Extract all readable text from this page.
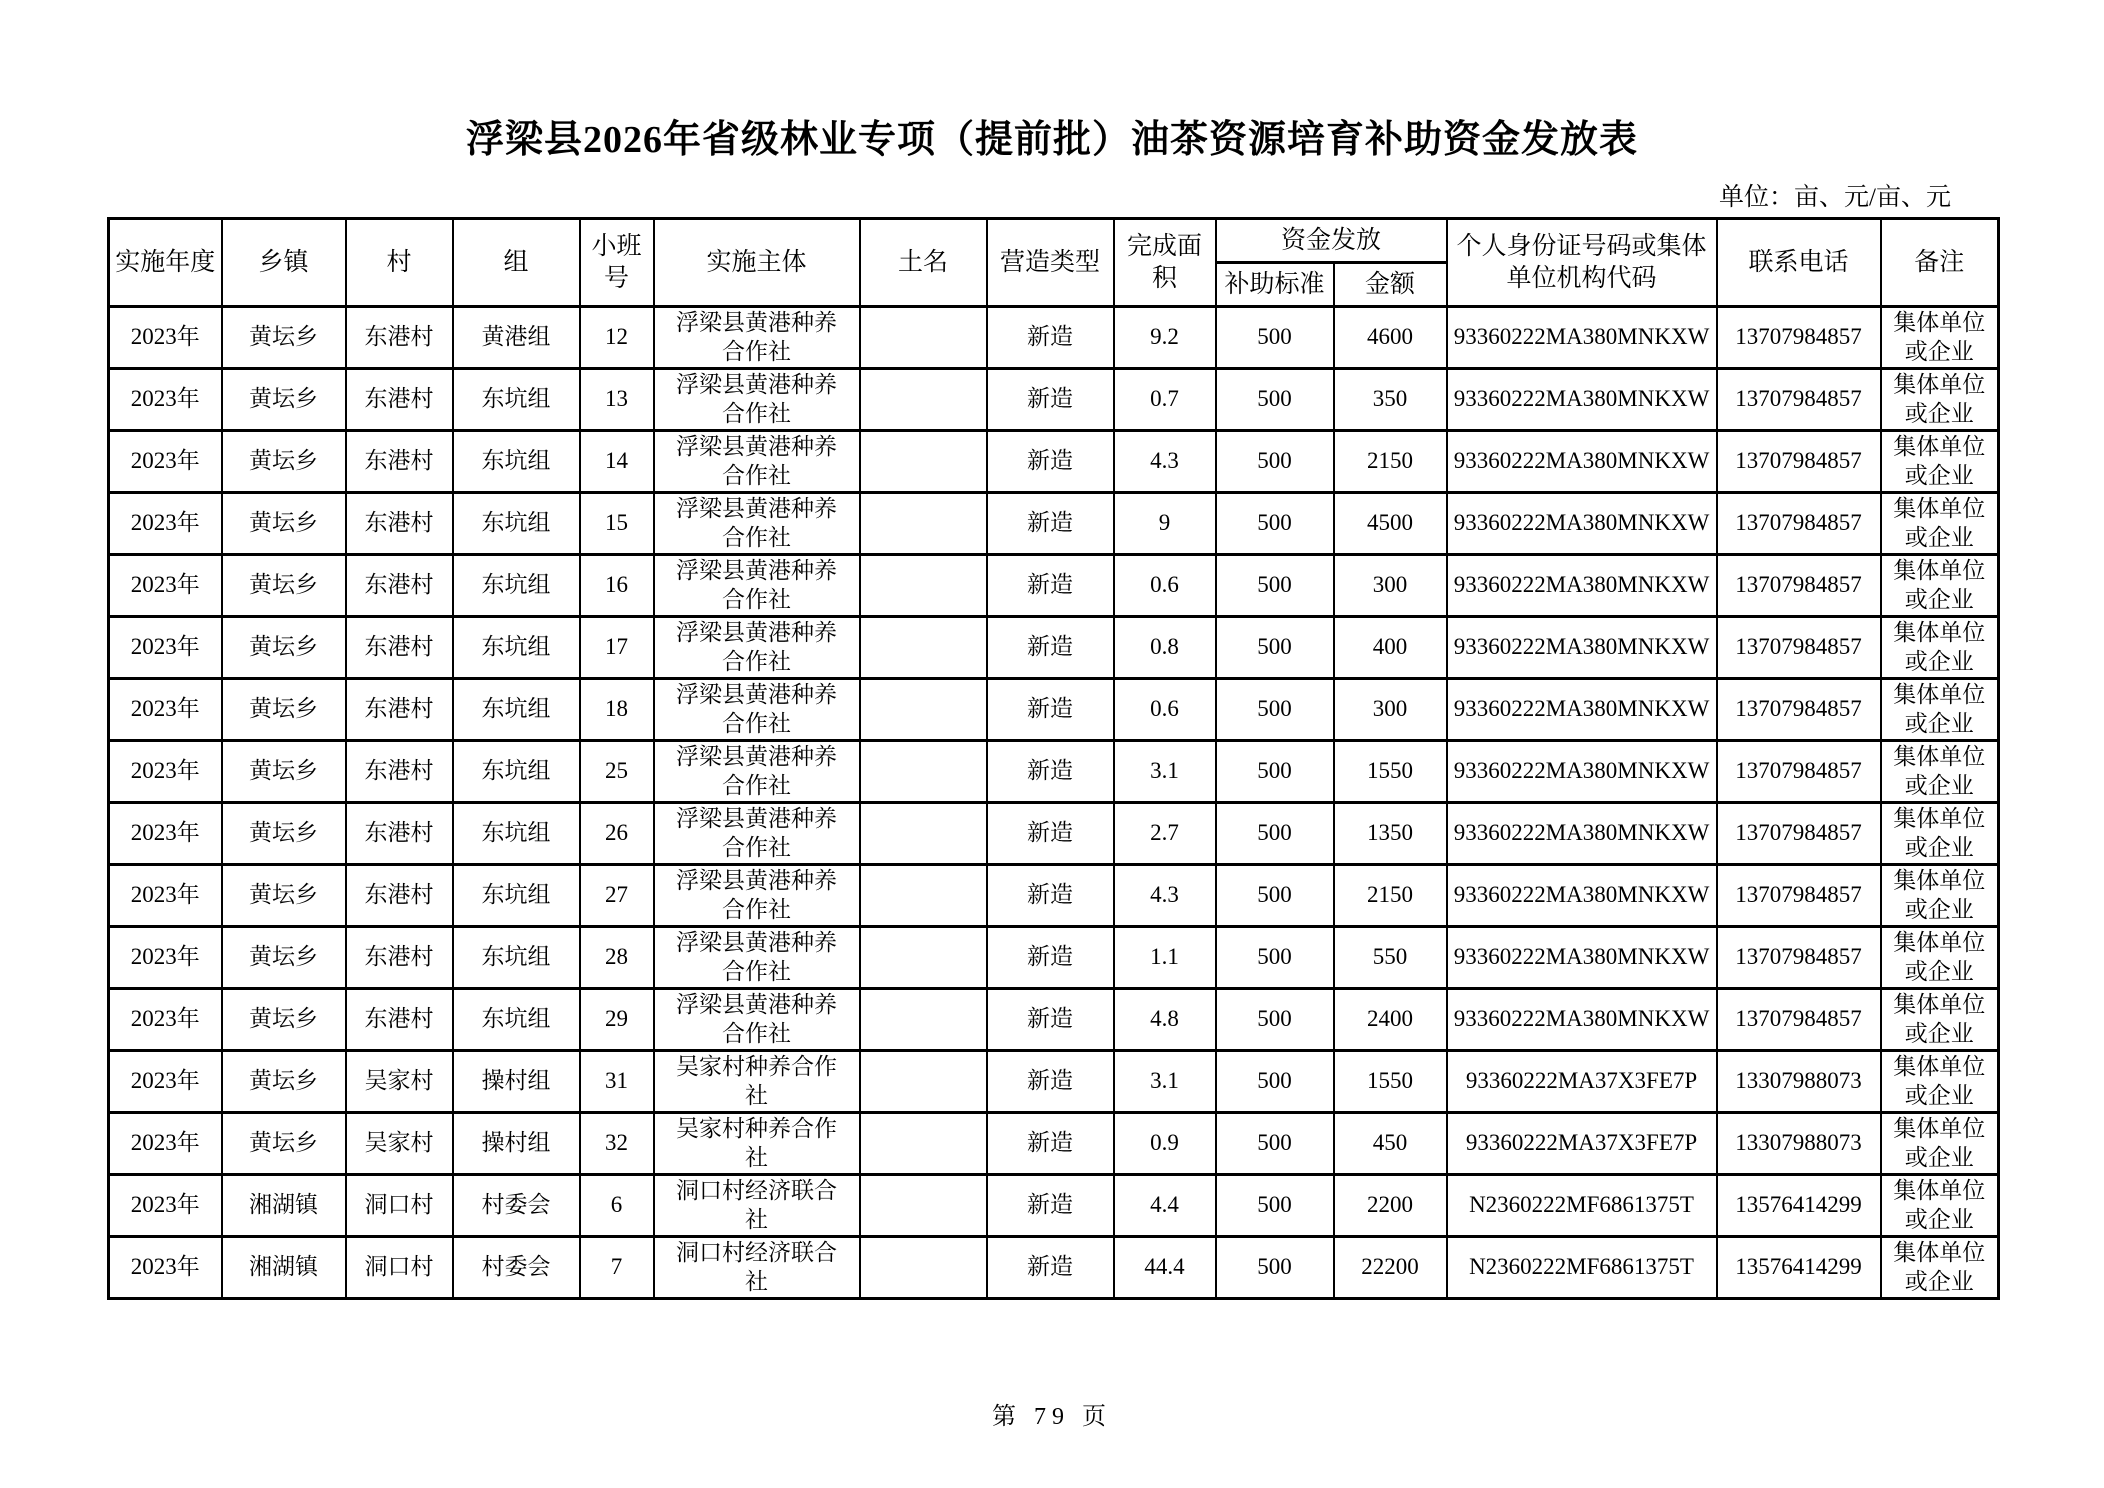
浮梁县2026年省级林业专项（提前批）油茶资源培育补助资金发放表
单位：亩、元/亩、元
实施年度	乡镇	村	组	小班号	实施主体	土名	营造类型	完成面积	资金发放		个人身份证号码或集体单位机构代码	联系电话	备注
									补助标准	金额			
2023年	黄坛乡	东港村	黄港组	12	浮梁县黄港种养合作社		新造	9.2	500	4600	93360222MA380MNKXW	13707984857	集体单位或企业
2023年	黄坛乡	东港村	东坑组	13	浮梁县黄港种养合作社		新造	0.7	500	350	93360222MA380MNKXW	13707984857	集体单位或企业
2023年	黄坛乡	东港村	东坑组	14	浮梁县黄港种养合作社		新造	4.3	500	2150	93360222MA380MNKXW	13707984857	集体单位或企业
2023年	黄坛乡	东港村	东坑组	15	浮梁县黄港种养合作社		新造	9	500	4500	93360222MA380MNKXW	13707984857	集体单位或企业
2023年	黄坛乡	东港村	东坑组	16	浮梁县黄港种养合作社		新造	0.6	500	300	93360222MA380MNKXW	13707984857	集体单位或企业
2023年	黄坛乡	东港村	东坑组	17	浮梁县黄港种养合作社		新造	0.8	500	400	93360222MA380MNKXW	13707984857	集体单位或企业
2023年	黄坛乡	东港村	东坑组	18	浮梁县黄港种养合作社		新造	0.6	500	300	93360222MA380MNKXW	13707984857	集体单位或企业
2023年	黄坛乡	东港村	东坑组	25	浮梁县黄港种养合作社		新造	3.1	500	1550	93360222MA380MNKXW	13707984857	集体单位或企业
2023年	黄坛乡	东港村	东坑组	26	浮梁县黄港种养合作社		新造	2.7	500	1350	93360222MA380MNKXW	13707984857	集体单位或企业
2023年	黄坛乡	东港村	东坑组	27	浮梁县黄港种养合作社		新造	4.3	500	2150	93360222MA380MNKXW	13707984857	集体单位或企业
2023年	黄坛乡	东港村	东坑组	28	浮梁县黄港种养合作社		新造	1.1	500	550	93360222MA380MNKXW	13707984857	集体单位或企业
2023年	黄坛乡	东港村	东坑组	29	浮梁县黄港种养合作社		新造	4.8	500	2400	93360222MA380MNKXW	13707984857	集体单位或企业
2023年	黄坛乡	吴家村	操村组	31	吴家村种养合作社		新造	3.1	500	1550	93360222MA37X3FE7P	13307988073	集体单位或企业
2023年	黄坛乡	吴家村	操村组	32	吴家村种养合作社		新造	0.9	500	450	93360222MA37X3FE7P	13307988073	集体单位或企业
2023年	湘湖镇	洞口村	村委会	6	洞口村经济联合社		新造	4.4	500	2200	N2360222MF6861375T	13576414299	集体单位或企业
2023年	湘湖镇	洞口村	村委会	7	洞口村经济联合社		新造	44.4	500	22200	N2360222MF6861375T	13576414299	集体单位或企业
第 79 页
